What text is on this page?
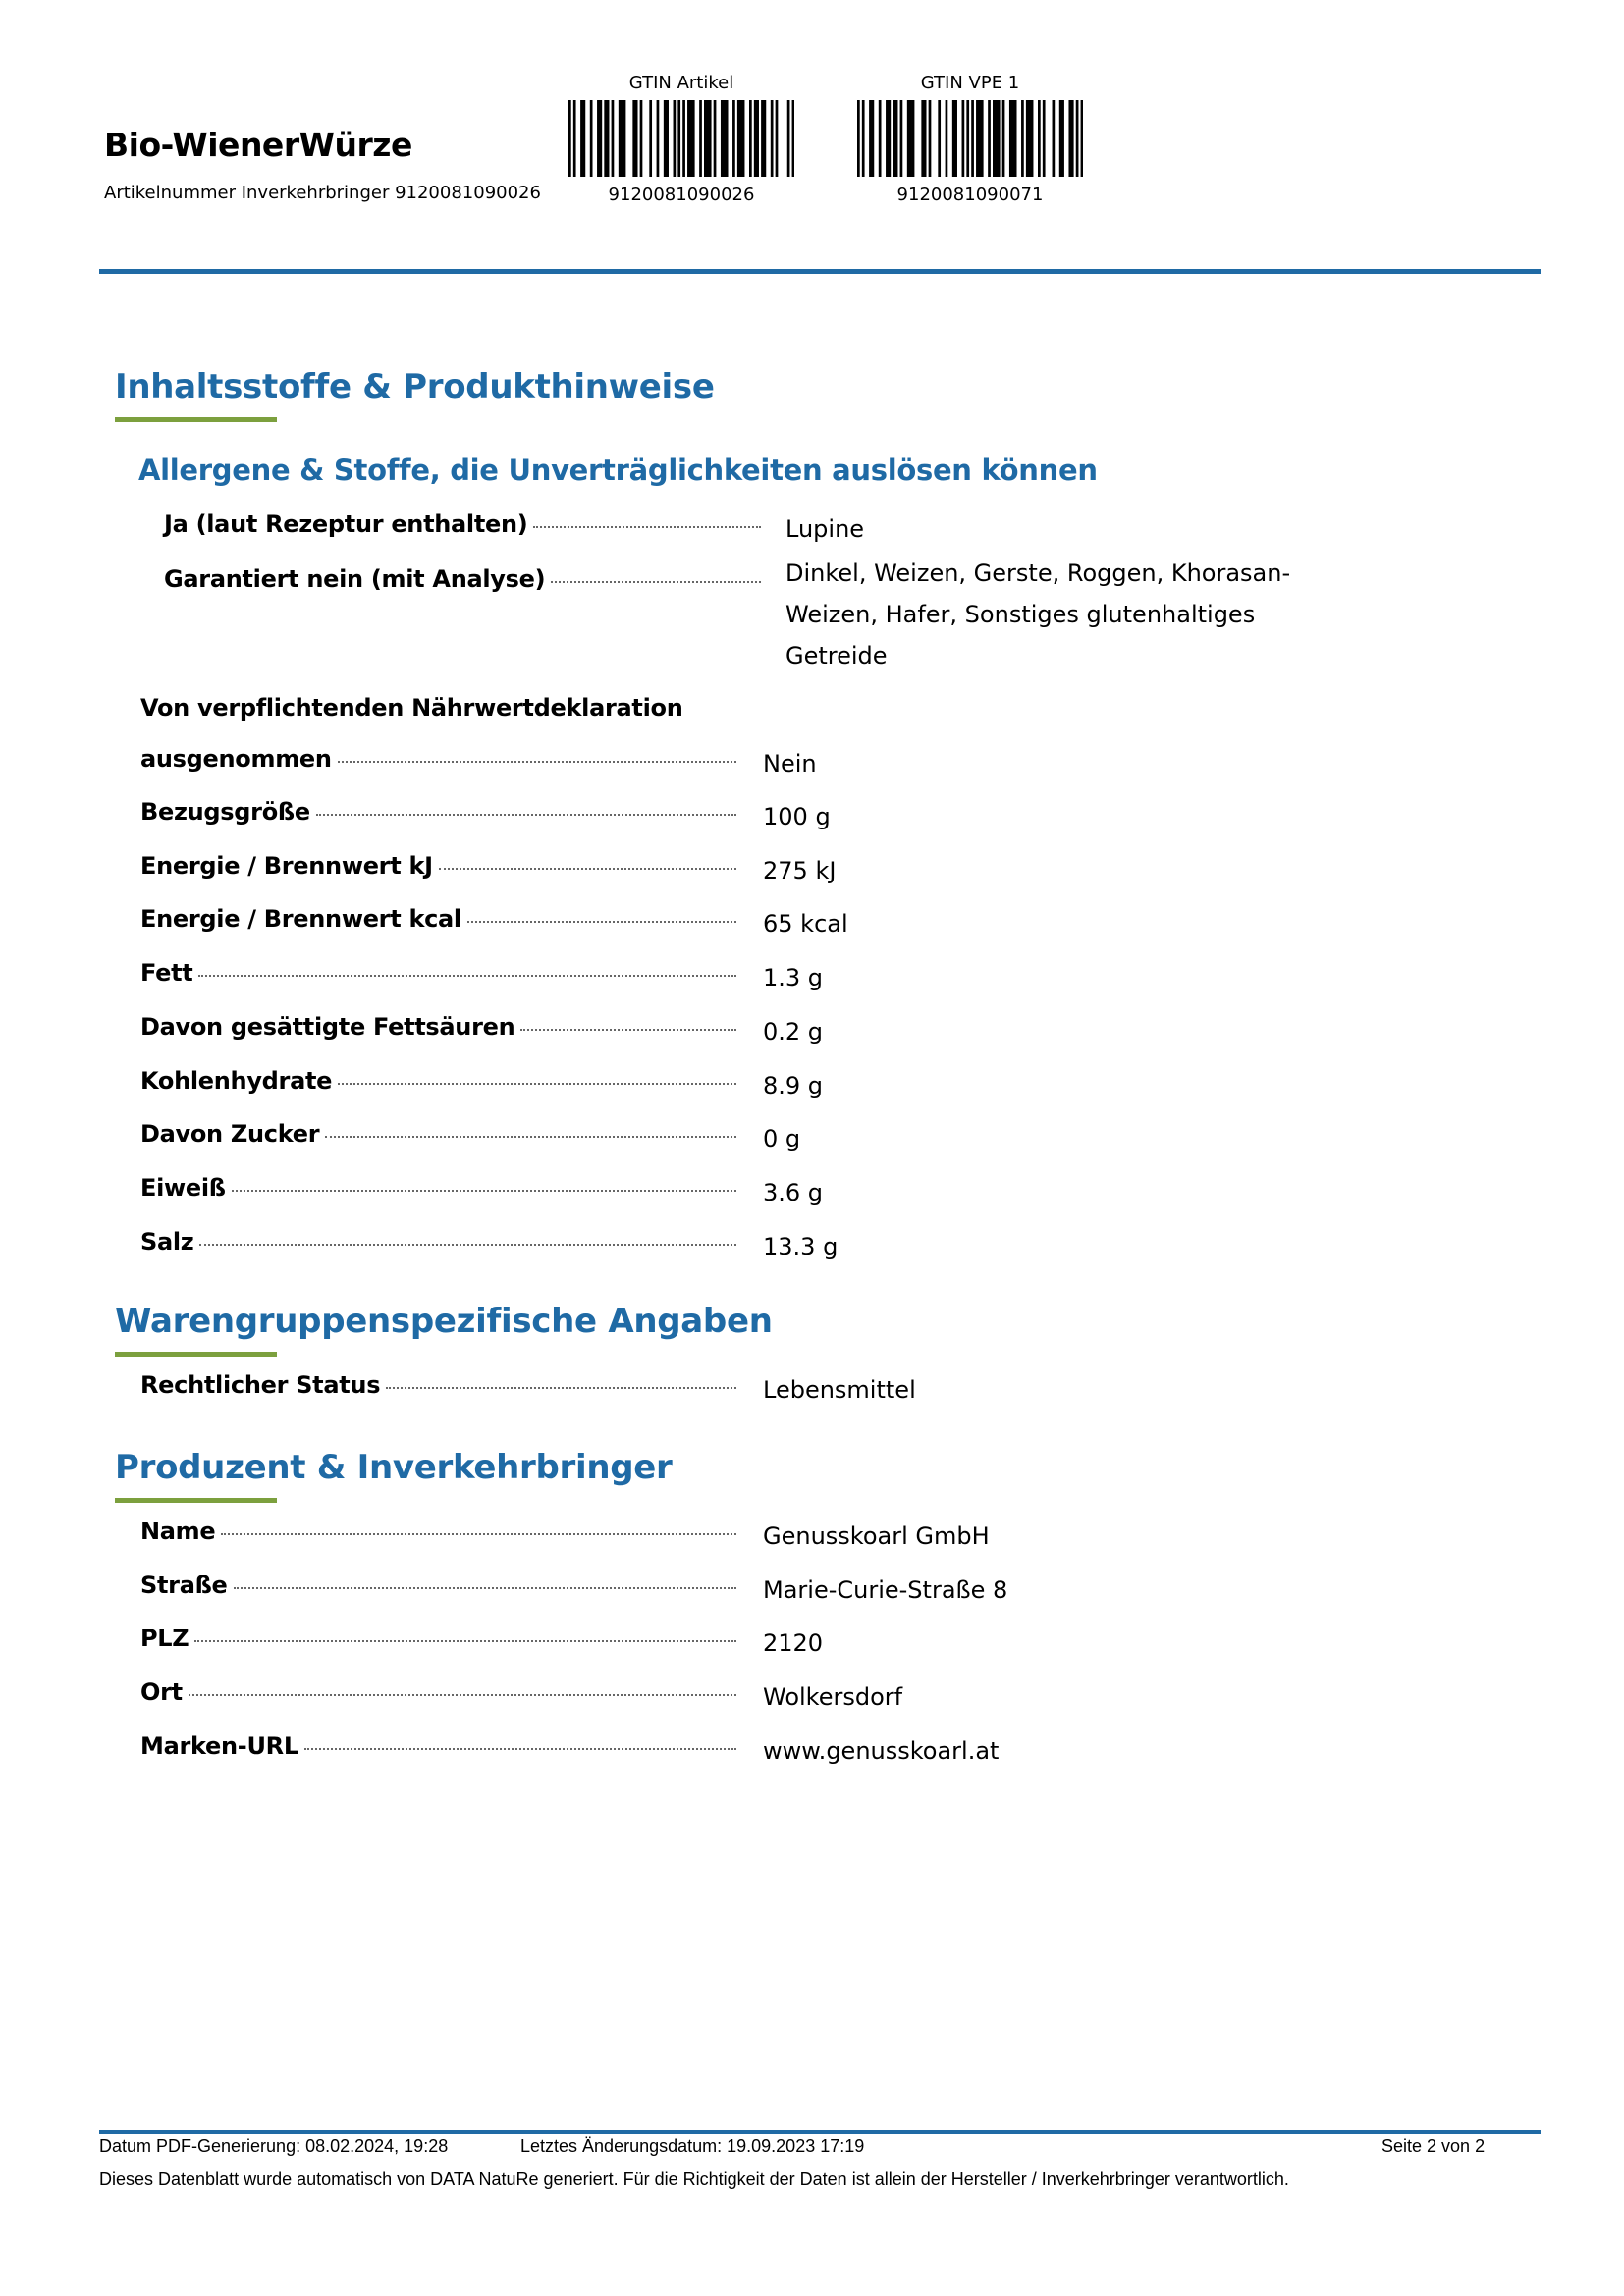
Bio-WienerWürze
Artikelnummer Inverkehrbringer 9120081090026
GTIN Artikel
9120081090026
GTIN VPE 1
9120081090071
Inhaltsstoffe & Produkthinweise
Allergene & Stoffe, die Unverträglichkeiten auslösen können
Ja (laut Rezeptur enthalten)	Lupine
Garantiert nein (mit Analyse)	Dinkel, Weizen, Gerste, Roggen, Khorasan-
Weizen, Hafer, Sonstiges glutenhaltiges
Getreide
Von verpflichtenden Nährwertdeklaration
ausgenommen	Nein
Bezugsgröße	100 g
Energie / Brennwert kJ	275 kJ
Energie / Brennwert kcal	65 kcal
Fett	1.3 g
Davon gesättigte Fettsäuren	0.2 g
Kohlenhydrate	8.9 g
Davon Zucker	0 g
Eiweiß	3.6 g
Salz	13.3 g
Warengruppenspezifische Angaben
Rechtlicher Status	Lebensmittel
Produzent & Inverkehrbringer
Name	Genusskoarl GmbH
Straße	Marie-Curie-Straße 8
PLZ	2120
Ort	Wolkersdorf
Marken-URL	www.genusskoarl.at
Datum PDF-Generierung: 08.02.2024, 19:28	Letztes Änderungsdatum: 19.09.2023 17:19	Seite 2 von 2
Dieses Datenblatt wurde automatisch von DATA NatuRe generiert. Für die Richtigkeit der Daten ist allein der Hersteller / Inverkehrbringer verantwortlich.
